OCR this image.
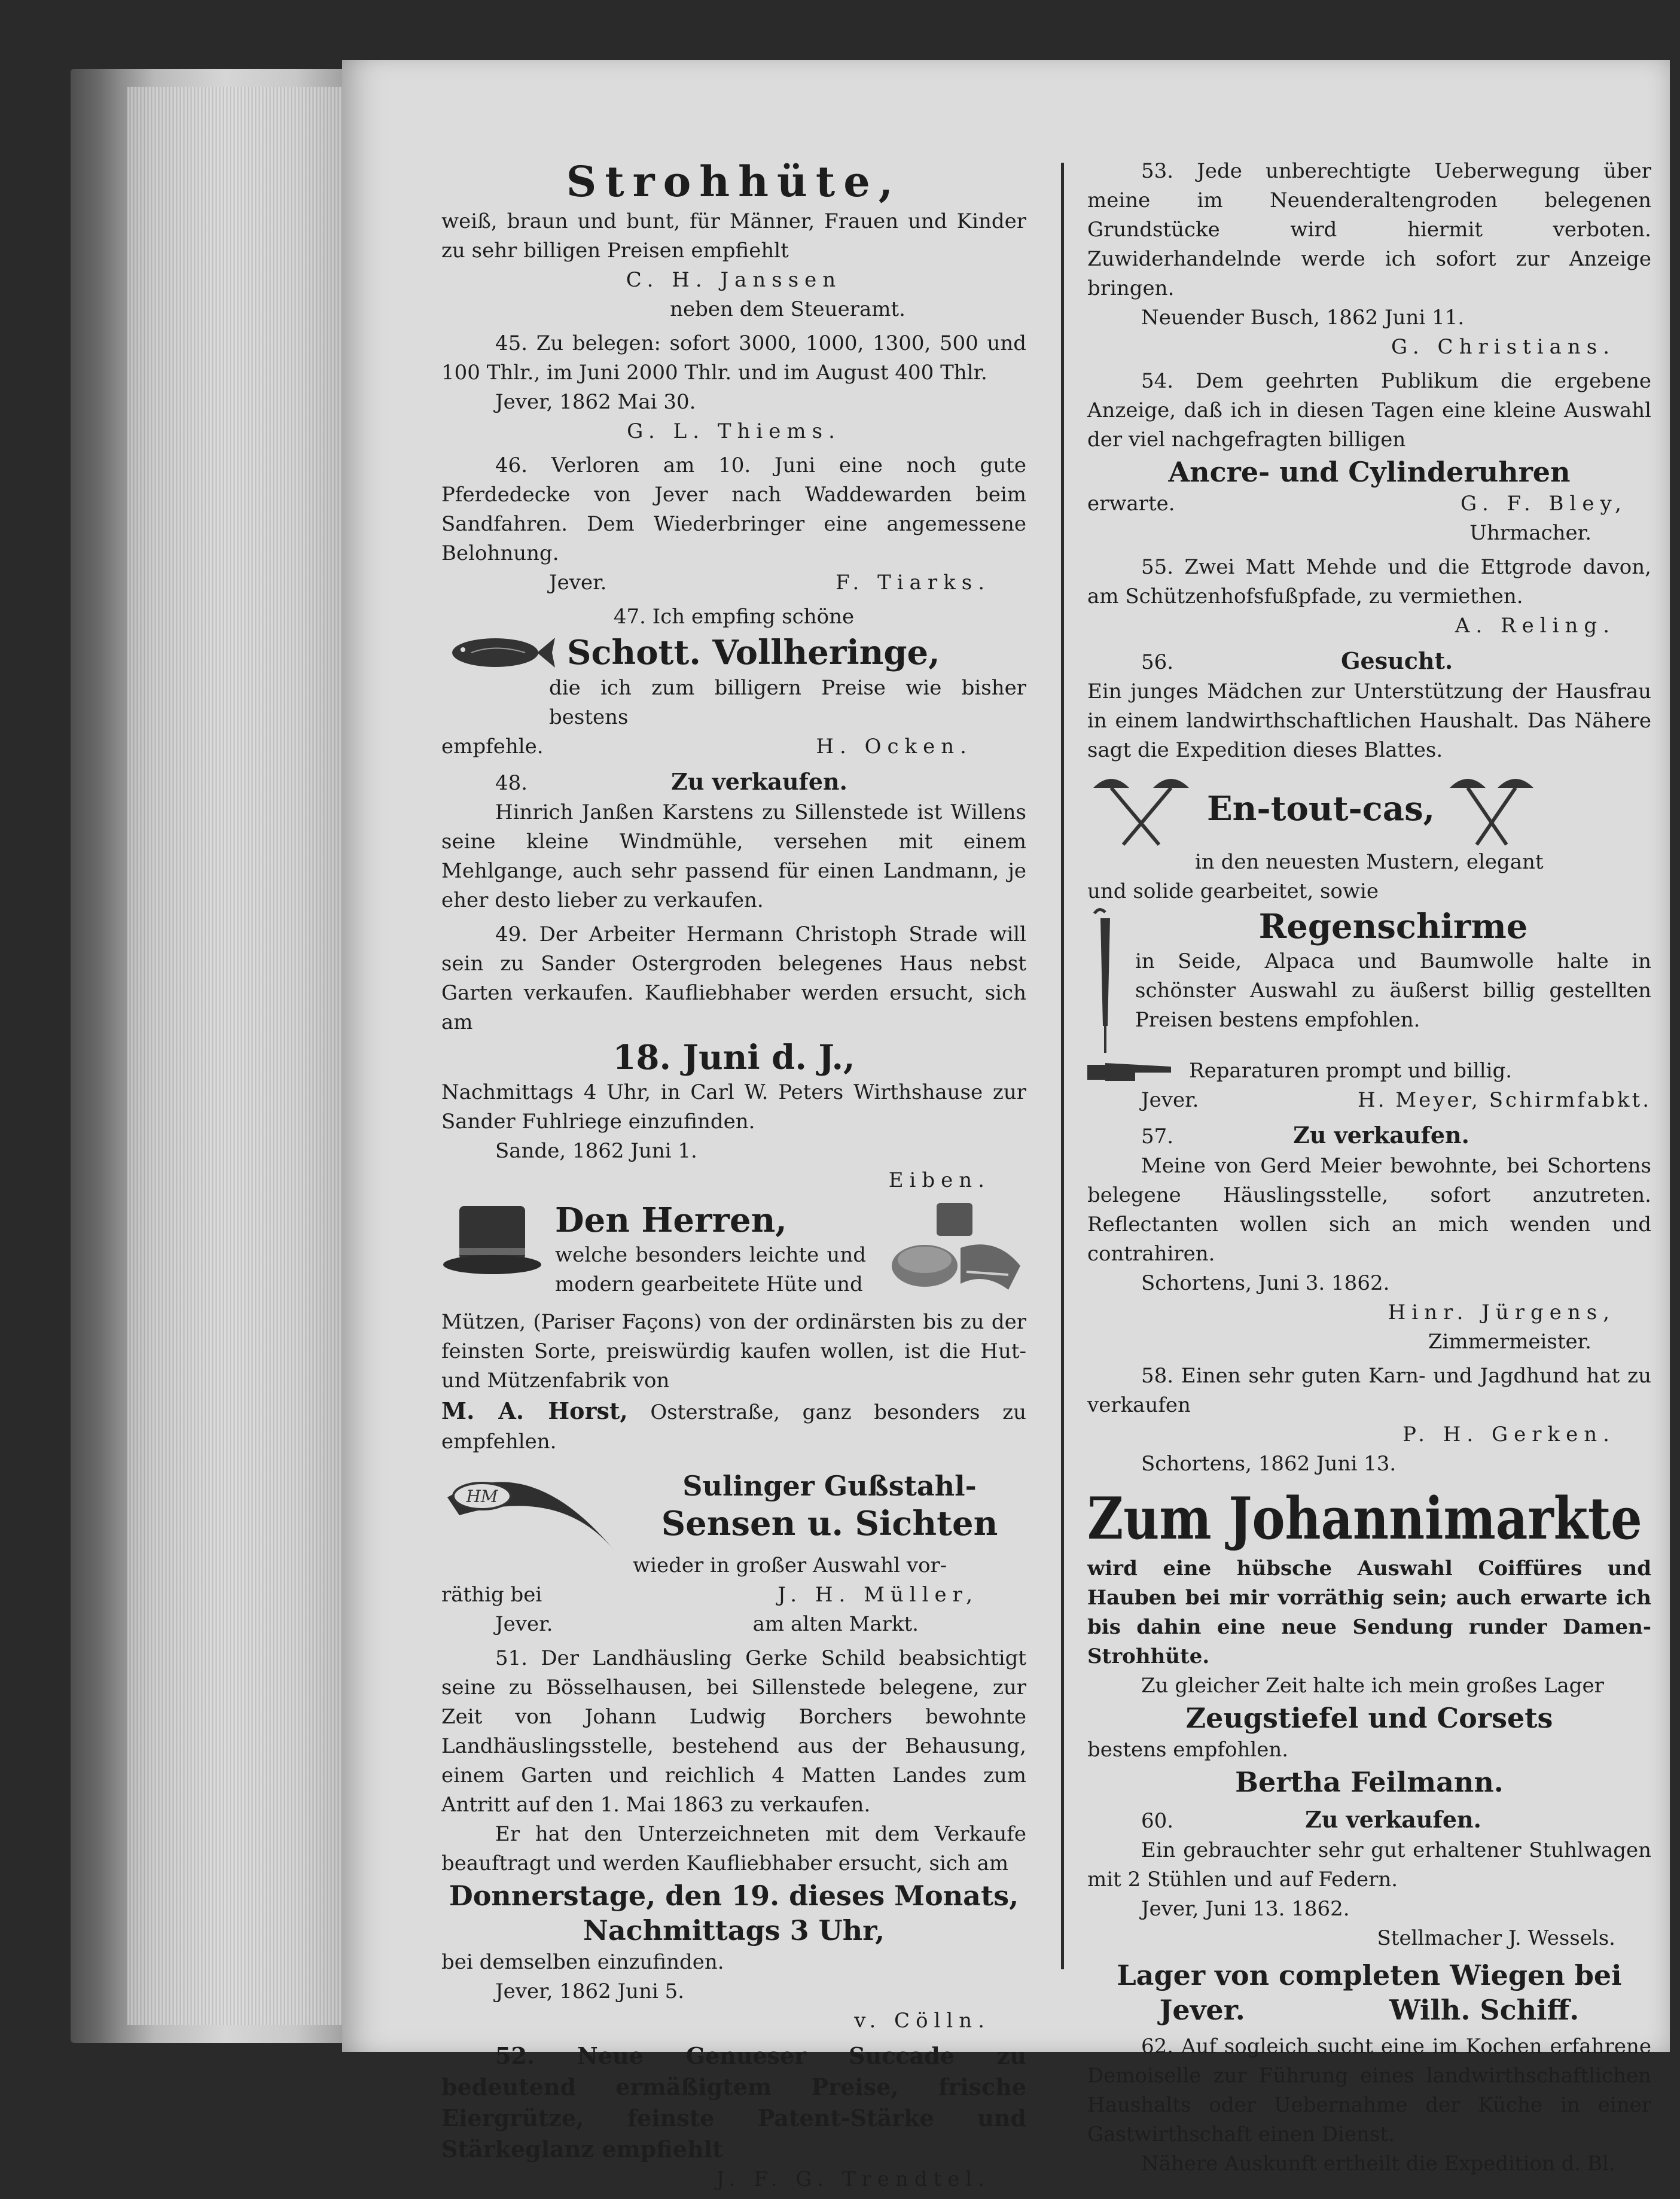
Strohhüte,

weiß, braun und bunt, für Männer, Frauen und Kinder zu sehr billigen Preisen empfiehlt

C. H. Janssen
neben dem Steueramt.

45. Zu belegen: sofort 3000, 1000, 1300, 500 und 100 Thlr., im Juni 2000 Thlr. und im August 400 Thlr.

Jever, 1862 Mai 30.
G. L. Thiems.

46. Verloren am 10. Juni eine noch gute Pferdedecke von Jever nach Waddewarden beim Sandfahren. Dem Wiederbringer eine angemessene Belohnung.

Jever.	F. Tiarks.
47. Ich empfing schöne
Schott. Vollheringe,

die ich zum billigern Preise wie bisher bestens

empfehle.	H. Ocken.
48.	Zu verkaufen.

Hinrich Janßen Karstens zu Sillenstede ist Willens seine kleine Windmühle, versehen mit einem Mehlgange, auch sehr passend für einen Landmann, je eher desto lieber zu verkaufen.

49. Der Arbeiter Hermann Christoph Strade will sein zu Sander Ostergroden belegenes Haus nebst Garten verkaufen. Kaufliebhaber werden ersucht, sich am

18. Juni d. J.,

Nachmittags 4 Uhr, in Carl W. Peters Wirthshause zur Sander Fuhlriege einzufinden.

Sande, 1862 Juni 1.
Eiben.
Den Herren,

welche besonders leichte und modern gearbeitete Hüte und

Mützen, (Pariser Façons) von der ordinärsten bis zu der feinsten Sorte, preiswürdig kaufen wollen, ist die Hut- und Mützenfabrik von

M. A. Horst, Osterstraße, ganz besonders zu empfehlen.

HM	Sulinger Gußstahl-
Sensen u. Sichten

wieder in großer Auswahl vor-

räthig bei	J. H. Müller,
Jever.	am alten Markt.

51. Der Landhäusling Gerke Schild beabsichtigt seine zu Bösselhausen, bei Sillenstede belegene, zur Zeit von Johann Ludwig Borchers bewohnte Landhäuslingsstelle, bestehend aus der Behausung, einem Garten und reichlich 4 Matten Landes zum Antritt auf den 1. Mai 1863 zu verkaufen.

Er hat den Unterzeichneten mit dem Verkaufe beauftragt und werden Kaufliebhaber ersucht, sich am

Donnerstage, den 19. dieses Monats,
Nachmittags 3 Uhr,
bei demselben einzufinden.
Jever, 1862 Juni 5.
v. Cölln.

52. Neue Genueser Succade zu bedeutend ermäßigtem Preise, frische Eiergrütze, feinste Patent-Stärke und Stärkeglanz empfiehlt

J. F. G. Trendtel.

53. Jede unberechtigte Ueberwegung über meine im Neuenderaltengroden belegenen Grundstücke wird hiermit verboten. Zuwiderhandelnde werde ich sofort zur Anzeige bringen.

Neuender Busch, 1862 Juni 11.
G. Christians.

54. Dem geehrten Publikum die ergebene Anzeige, daß ich in diesen Tagen eine kleine Auswahl der viel nachgefragten billigen

Ancre- und Cylinderuhren
erwarte.	G. F. Bley,
Uhrmacher.

55. Zwei Matt Mehde und die Ettgrode davon, am Schützenhofsfußpfade, zu vermiethen.

A. Reling.
56.	Gesucht.

Ein junges Mädchen zur Unterstützung der Hausfrau in einem landwirthschaftlichen Haushalt. Das Nähere sagt die Expedition dieses Blattes.

En-tout-cas,
in den neuesten Mustern, elegant
und solide gearbeitet, sowie
Regenschirme

in Seide, Alpaca und Baumwolle halte in schönster Auswahl zu äußerst billig gestellten Preisen bestens empfohlen.

Reparaturen prompt und billig.
Jever.	H. Meyer, Schirmfabkt.
57.	Zu verkaufen.

Meine von Gerd Meier bewohnte, bei Schortens belegene Häuslingsstelle, sofort anzutreten. Reflectanten wollen sich an mich wenden und contrahiren.

Schortens, Juni 3. 1862.
Hinr. Jürgens,
Zimmermeister.

58. Einen sehr guten Karn- und Jagdhund hat zu verkaufen

P. H. Gerken.
Schortens, 1862 Juni 13.
Zum Johannimarkte

wird eine hübsche Auswahl Coiffüres und Hauben bei mir vorräthig sein; auch erwarte ich bis dahin eine neue Sendung runder Damen-Strohhüte.

Zu gleicher Zeit halte ich mein großes Lager
Zeugstiefel und Corsets
bestens empfohlen.
Bertha Feilmann.
60.	Zu verkaufen.

Ein gebrauchter sehr gut erhaltener Stuhlwagen mit 2 Stühlen und auf Federn.

Jever, Juni 13. 1862.
Stellmacher J. Wessels.
Lager von completen Wiegen bei
Jever.	Wilh. Schiff.

62. Auf sogleich sucht eine im Kochen erfahrene Demoiselle zur Führung eines landwirthschaftlichen Haushalts oder Uebernahme der Küche in einer Gastwirthschaft einen Dienst.

Nähere Auskunft ertheilt die Expedition d. Bl.
